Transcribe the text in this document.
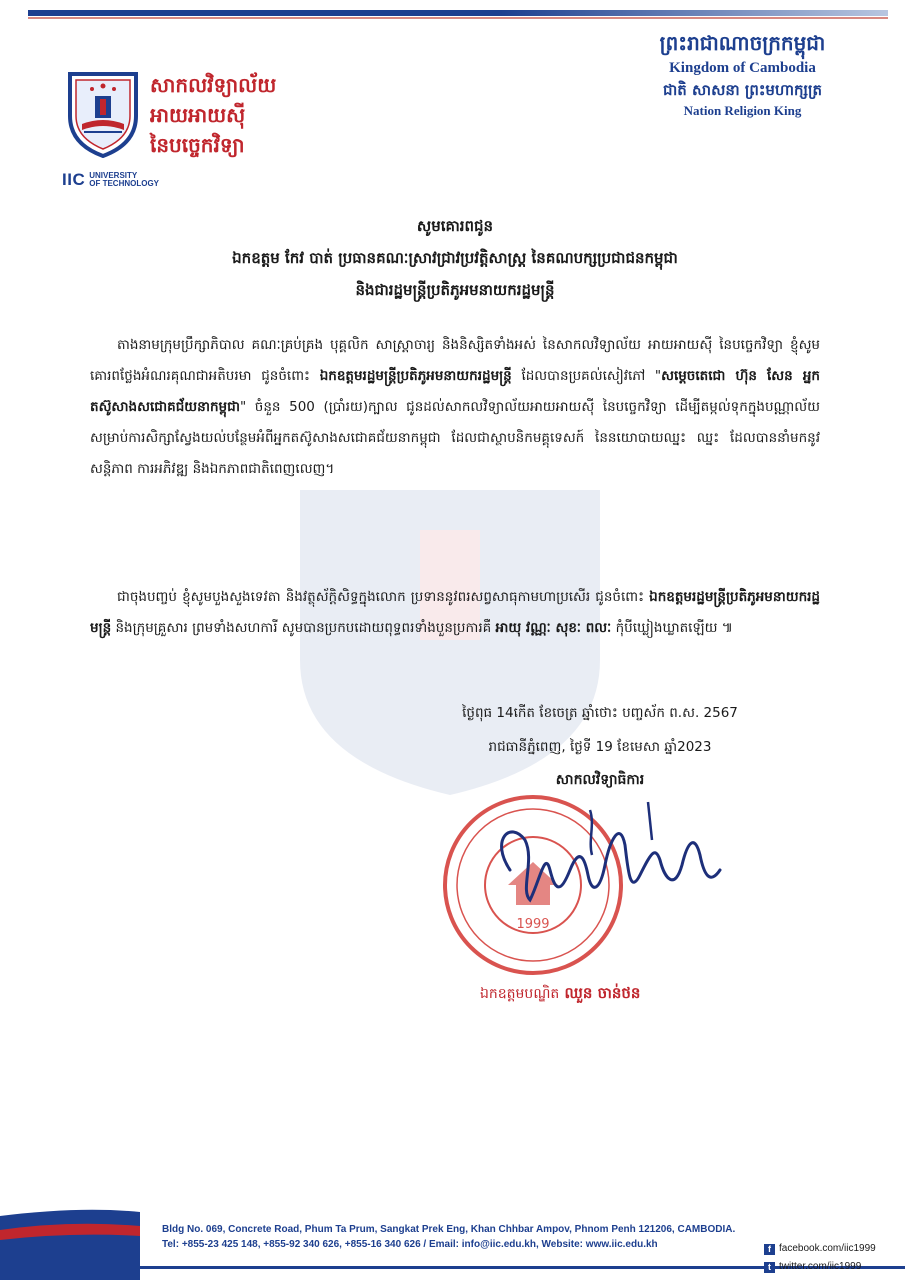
សាកលវិទ្យាល័យ
អាយអាយស៊ី
នៃបច្ចេកវិទ្យា
IIC UNIVERSITY
OF TECHNOLOGY
ព្រះរាជាណាចក្រកម្ពុជា
Kingdom of Cambodia
ជាតិ សាសនា ព្រះមហាក្សត្រ
Nation Religion King
សូមគោរពជូន
ឯកឧត្តម កែវ បាត់ ប្រធានគណៈស្រាវជ្រាវប្រវត្តិសាស្ត្រ នៃគណបក្សប្រជាជនកម្ពុជា
និងជារដ្ឋមន្ត្រីប្រតិភូអមនាយករដ្ឋមន្ត្រី
  តាងនាមក្រុមប្រឹក្សាភិបាល គណៈគ្រប់គ្រង បុគ្គលិក សាស្ត្រាចារ្យ និងនិស្សិតទាំងអស់ នៃសាកលវិទ្យាល័យ អាយអាយស៊ី នៃបច្ចេកវិទ្យា ខ្ញុំសូមគោរពថ្លែងអំណរគុណជាអតិបរមា ជូនចំពោះ ឯកឧត្តមរដ្ឋមន្ត្រីប្រតិភូអមនាយករដ្ឋមន្ត្រី ដែលបានប្រគល់សៀវភៅ "សម្តេចតេជោ ហ៊ុន សែន អ្នកតស៊ូសាងសជោគជ័យនាកម្ពុជា" ចំនួន 500 (ប្រាំរយ)ក្បាល ជូនដល់សាកលវិទ្យាល័យអាយអាយស៊ី នៃបច្ចេកវិទ្យា ដើម្បីតម្កល់ទុកក្នុងបណ្ណាល័យ សម្រាប់ការសិក្សាស្វែងយល់បន្ថែមអំពីអ្នកតស៊ូសាងសជោគជ័យនាកម្ពុជា ដែលជាស្ថាបនិកមគ្គុទេសក៍ នៃនយោបាយឈ្នះ ឈ្នះ ដែលបាននាំមកនូវសន្តិភាព ការអភិវឌ្ឍ និងឯកភាពជាតិពេញលេញ។
  ជាចុងបញ្ចប់ ខ្ញុំសូមបួងសួងទេវតា និងវត្ថុស័ក្តិសិទ្ធក្នុងលោក ប្រទាននូវពរសព្វសាធុកាមហាប្រសើរ ជូនចំពោះ ឯកឧត្តមរដ្ឋមន្ត្រីប្រតិភូអមនាយករដ្ឋមន្ត្រី និងក្រុមគ្រួសារ ព្រមទាំងសហការី សូមបានប្រកបដោយពុទ្ធពរទាំងបួនប្រការគឺ អាយុ វណ្ណៈ សុខៈ ពលៈ កុំបីឃ្លៀងឃ្លាតឡើយ ៕
ថ្ងៃពុធ 14កើត ខែចេត្រ ឆ្នាំថោះ បញ្ចស័ក ព.ស. 2567
រាជធានីភ្នំពេញ, ថ្ងៃទី 19 ខែមេសា ឆ្នាំ2023
សាកលវិទ្យាធិការ
1999
ឯកឧត្តមបណ្ឌិត ឈួន ចាន់ថន
Bldg No. 069, Concrete Road, Phum Ta Prum, Sangkat Prek Eng, Khan Chhbar Ampov, Phnom Penh 121206, CAMBODIA.
Tel: +855-23 425 148, +855-92 340 626, +855-16 340 626 / Email: info@iic.edu.kh, Website: www.iic.edu.kh	f facebook.com/iic1999
t twitter.com/iic1999
